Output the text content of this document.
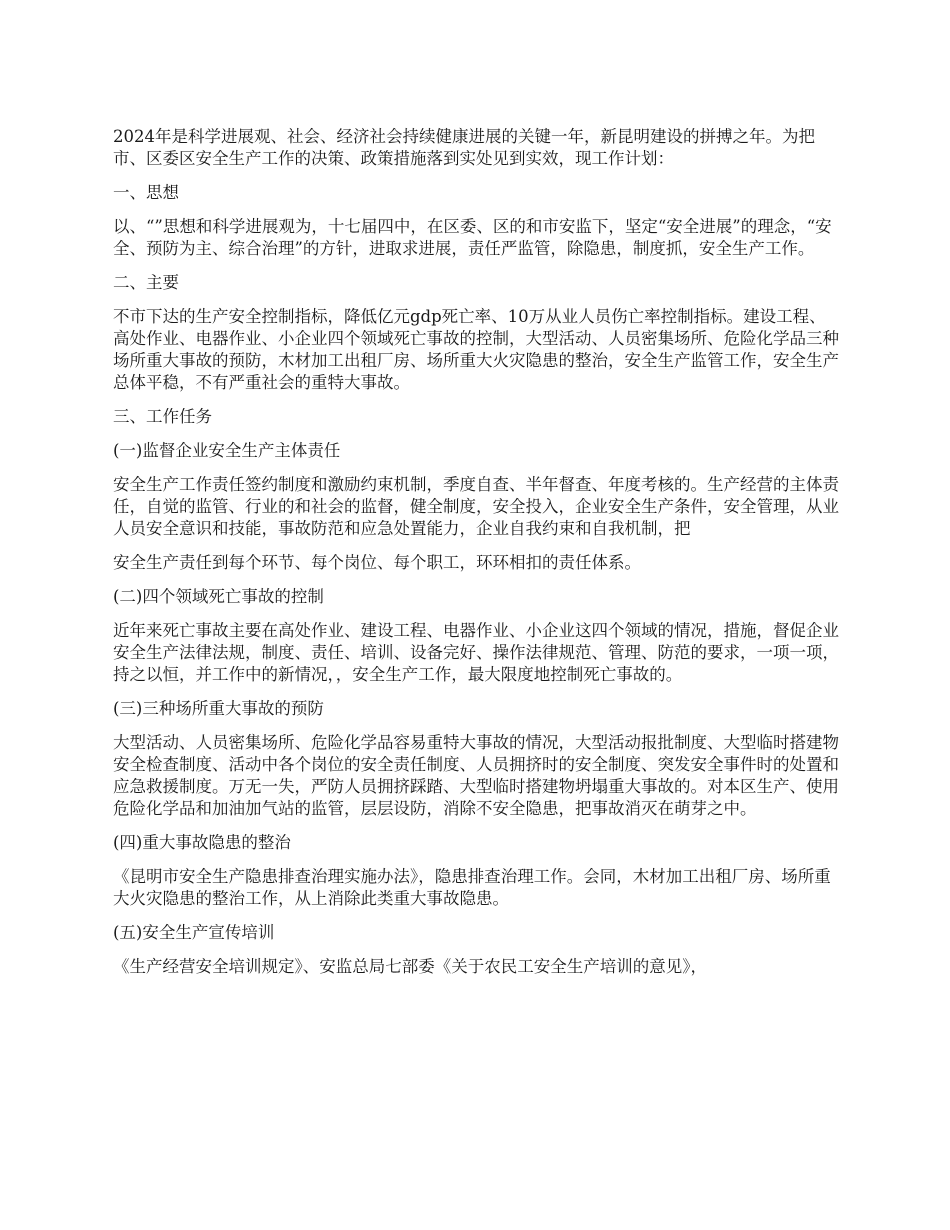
2024年是科学进展观、社会、经济社会持续健康进展的关键一年，新昆明建设的拼搏之年。为把市、区委区安全生产工作的决策、政策措施落到实处见到实效，现工作计划：

一、思想

以、“”思想和科学进展观为，十七届四中，在区委、区的和市安监下，坚定“安全进展”的理念，“安全、预防为主、综合治理”的方针，进取求进展，责任严监管，除隐患，制度抓，安全生产工作。

二、主要

不市下达的生产安全控制指标，降低亿元gdp死亡率、10万从业人员伤亡率控制指标。建设工程、高处作业、电器作业、小企业四个领域死亡事故的控制，大型活动、人员密集场所、危险化学品三种场所重大事故的预防，木材加工出租厂房、场所重大火灾隐患的整治，安全生产监管工作，安全生产总体平稳，不有严重社会的重特大事故。

三、工作任务

(一)监督企业安全生产主体责任

安全生产工作责任签约制度和激励约束机制，季度自查、半年督查、年度考核的。生产经营的主体责任，自觉的监管、行业的和社会的监督，健全制度，安全投入，企业安全生产条件，安全管理，从业人员安全意识和技能，事故防范和应急处置能力，企业自我约束和自我机制，把

安全生产责任到每个环节、每个岗位、每个职工，环环相扣的责任体系。

(二)四个领域死亡事故的控制

近年来死亡事故主要在高处作业、建设工程、电器作业、小企业这四个领域的情况，措施，督促企业安全生产法律法规，制度、责任、培训、设备完好、操作法律规范、管理、防范的要求，一项一项，持之以恒，并工作中的新情况，，安全生产工作，最大限度地控制死亡事故的。

(三)三种场所重大事故的预防

大型活动、人员密集场所、危险化学品容易重特大事故的情况，大型活动报批制度、大型临时搭建物安全检查制度、活动中各个岗位的安全责任制度、人员拥挤时的安全制度、突发安全事件时的处置和应急救援制度。万无一失，严防人员拥挤踩踏、大型临时搭建物坍塌重大事故的。对本区生产、使用危险化学品和加油加气站的监管，层层设防，消除不安全隐患，把事故消灭在萌芽之中。

(四)重大事故隐患的整治

《昆明市安全生产隐患排查治理实施办法》，隐患排查治理工作。会同，木材加工出租厂房、场所重大火灾隐患的整治工作，从上消除此类重大事故隐患。

(五)安全生产宣传培训

《生产经营安全培训规定》、安监总局七部委《关于农民工安全生产培训的意见》，
